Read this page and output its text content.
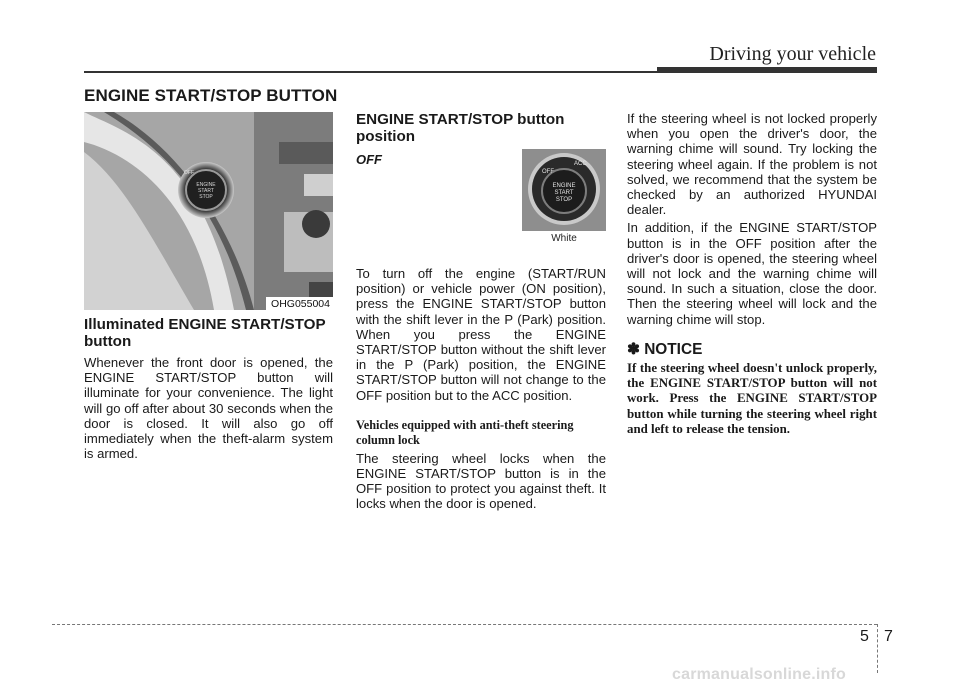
Driving your vehicle
ENGINE START/STOP BUTTON
ENGINE
START
STOP
OFF
OHG055004
Illuminated ENGINE START/STOP button

Whenever the front door is opened, the ENGINE START/STOP button will illuminate for your convenience. The light will go off after about 30 seconds when the door is closed. It will also go off immediately when the theft-alarm system is armed.

ENGINE START/STOP button position
OFF
OFF
ACC
ENGINE
START
STOP
White

To turn off the engine (START/RUN position) or vehicle power (ON position), press the ENGINE START/STOP button with the shift lever in the P (Park) position. When you press the ENGINE START/STOP button without the shift lever in the P (Park) position, the ENGINE START/STOP button will not change to the OFF position but to the ACC position.

Vehicles equipped with anti-theft steering column lock

The steering wheel locks when the ENGINE START/STOP button is in the OFF position to protect you against theft. It locks when the door is opened.

If the steering wheel is not locked properly when you open the driver's door, the warning chime will sound. Try locking the steering wheel again. If the problem is not solved, we recommend that the system be checked by an authorized HYUNDAI dealer.

In addition, if the ENGINE START/STOP button is in the OFF position after the driver's door is opened, the steering wheel will not lock and the warning chime will sound. In such a situation, close the door. Then the steering wheel will lock and the warning chime will stop.

✽ NOTICE

If the steering wheel doesn't unlock properly, the ENGINE START/STOP button will not work. Press the ENGINE START/STOP button while turning the steering wheel right and left to release the tension.

5 7
carmanualsonline.info
